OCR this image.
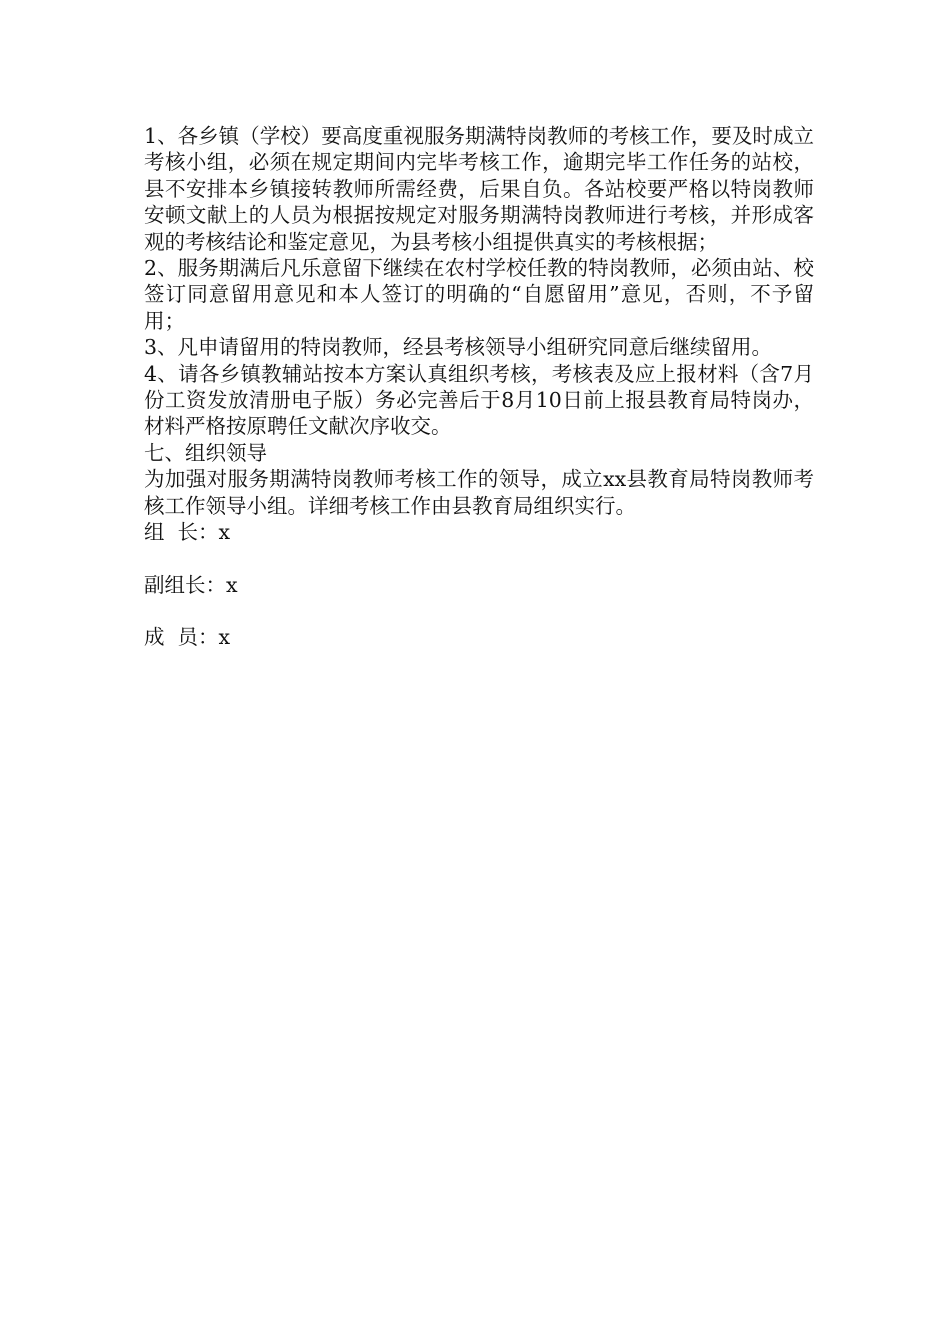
1、各乡镇（学校）要高度重视服务期满特岗教师的考核工作，要及时成立考核小组，必须在规定期间内完毕考核工作，逾期完毕工作任务的站校，县不安排本乡镇接转教师所需经费，后果自负。各站校要严格以特岗教师安顿文献上的人员为根据按规定对服务期满特岗教师进行考核，并形成客观的考核结论和鉴定意见，为县考核小组提供真实的考核根据；

2、服务期满后凡乐意留下继续在农村学校任教的特岗教师，必须由站、校签订同意留用意见和本人签订的明确的“自愿留用”意见，否则，不予留用；

3、凡申请留用的特岗教师，经县考核领导小组研究同意后继续留用。

4、请各乡镇教辅站按本方案认真组织考核，考核表及应上报材料（含7月份工资发放清册电子版）务必完善后于8月10日前上报县教育局特岗办，材料严格按原聘任文献次序收交。

七、组织领导

为加强对服务期满特岗教师考核工作的领导，成立xx县教育局特岗教师考核工作领导小组。详细考核工作由县教育局组织实行。

组  长：x
副组长：x
成  员：x
